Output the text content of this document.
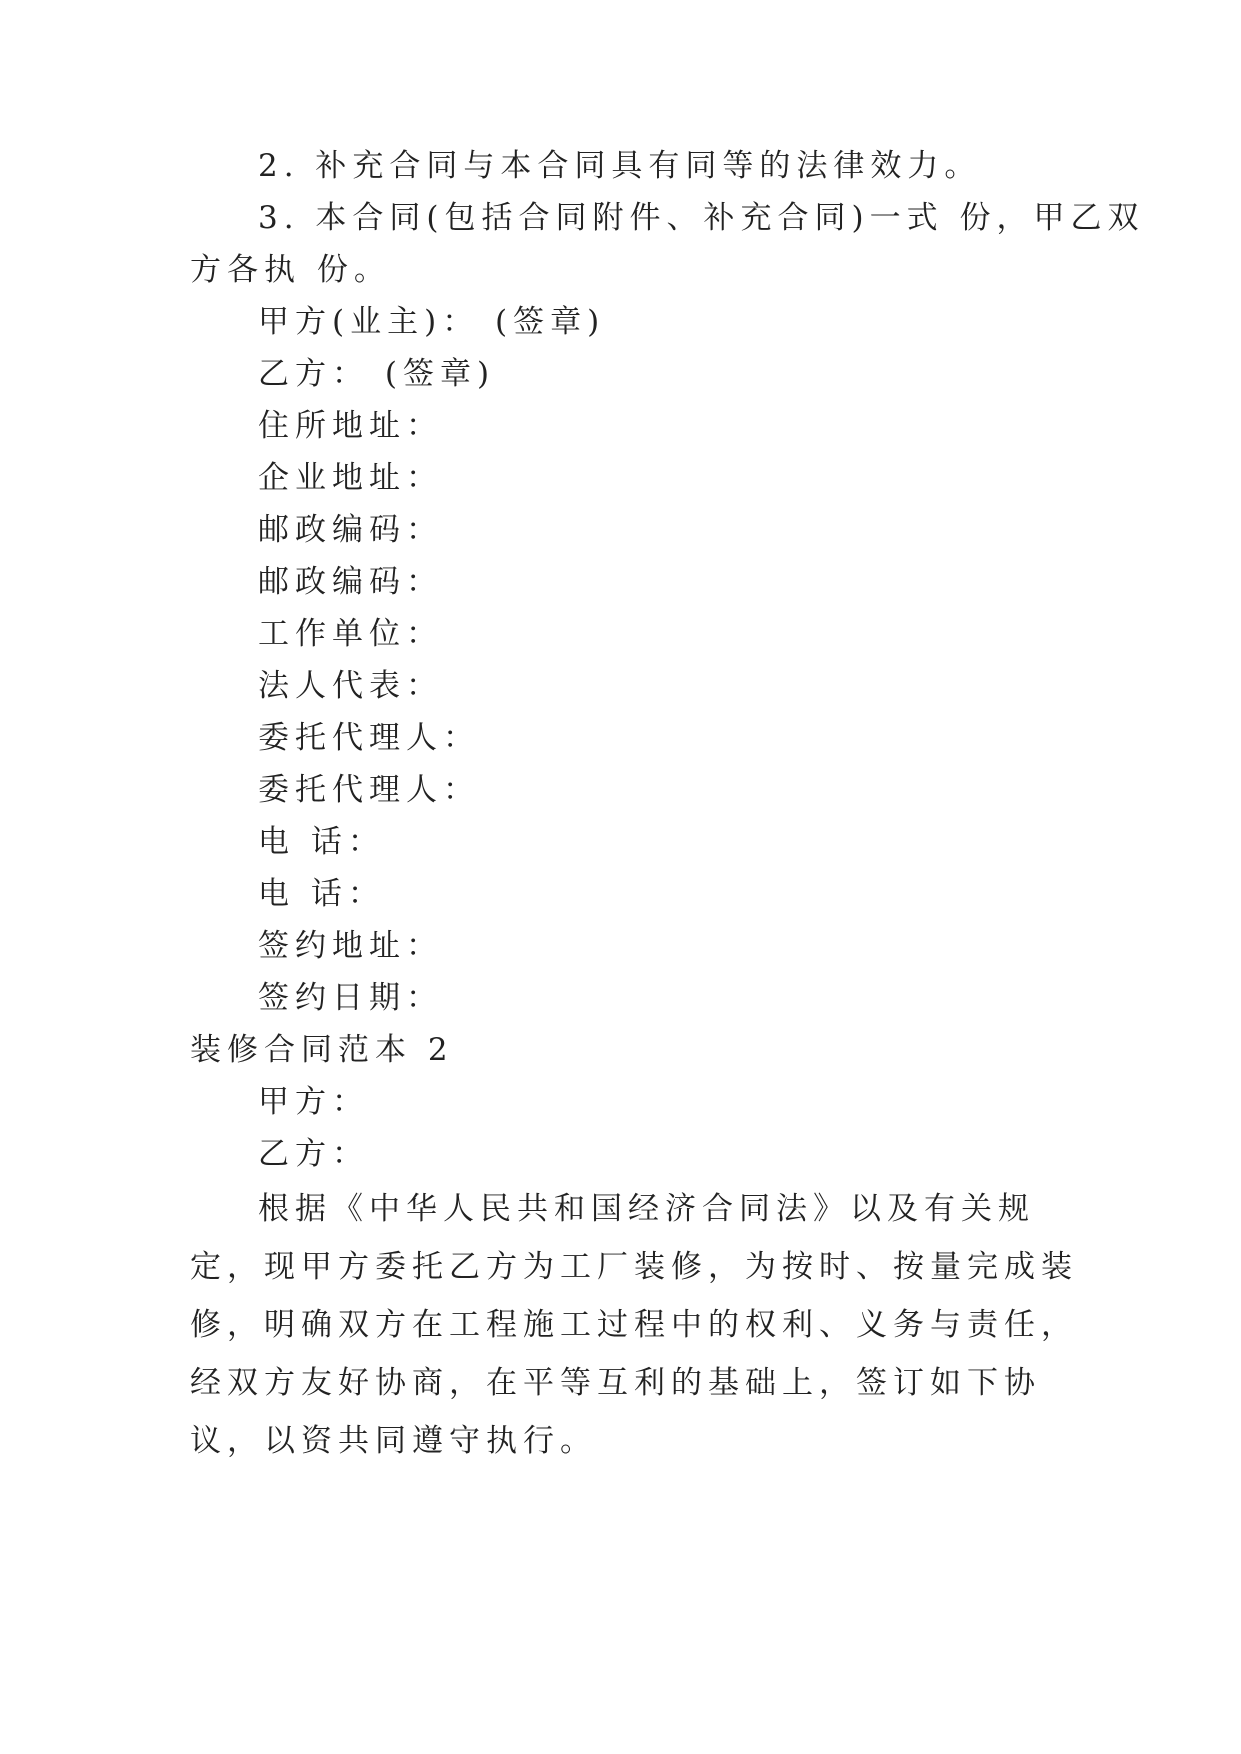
2. 补充合同与本合同具有同等的法律效力。
3. 本合同(包括合同附件、补充合同)一式 份，甲乙双
方各执 份。
甲方(业主)： (签章)
乙方： (签章)
住所地址：
企业地址：
邮政编码：
邮政编码：
工作单位：
法人代表：
委托代理人：
委托代理人：
电 话：
电 话：
签约地址：
签约日期：
装修合同范本 2
甲方：
乙方：
根据《中华人民共和国经济合同法》以及有关规定，现甲方委托乙方为工厂装修，为按时、按量完成装修，明确双方在工程施工过程中的权利、义务与责任，经双方友好协商，在平等互利的基础上，签订如下协议，以资共同遵守执行。
